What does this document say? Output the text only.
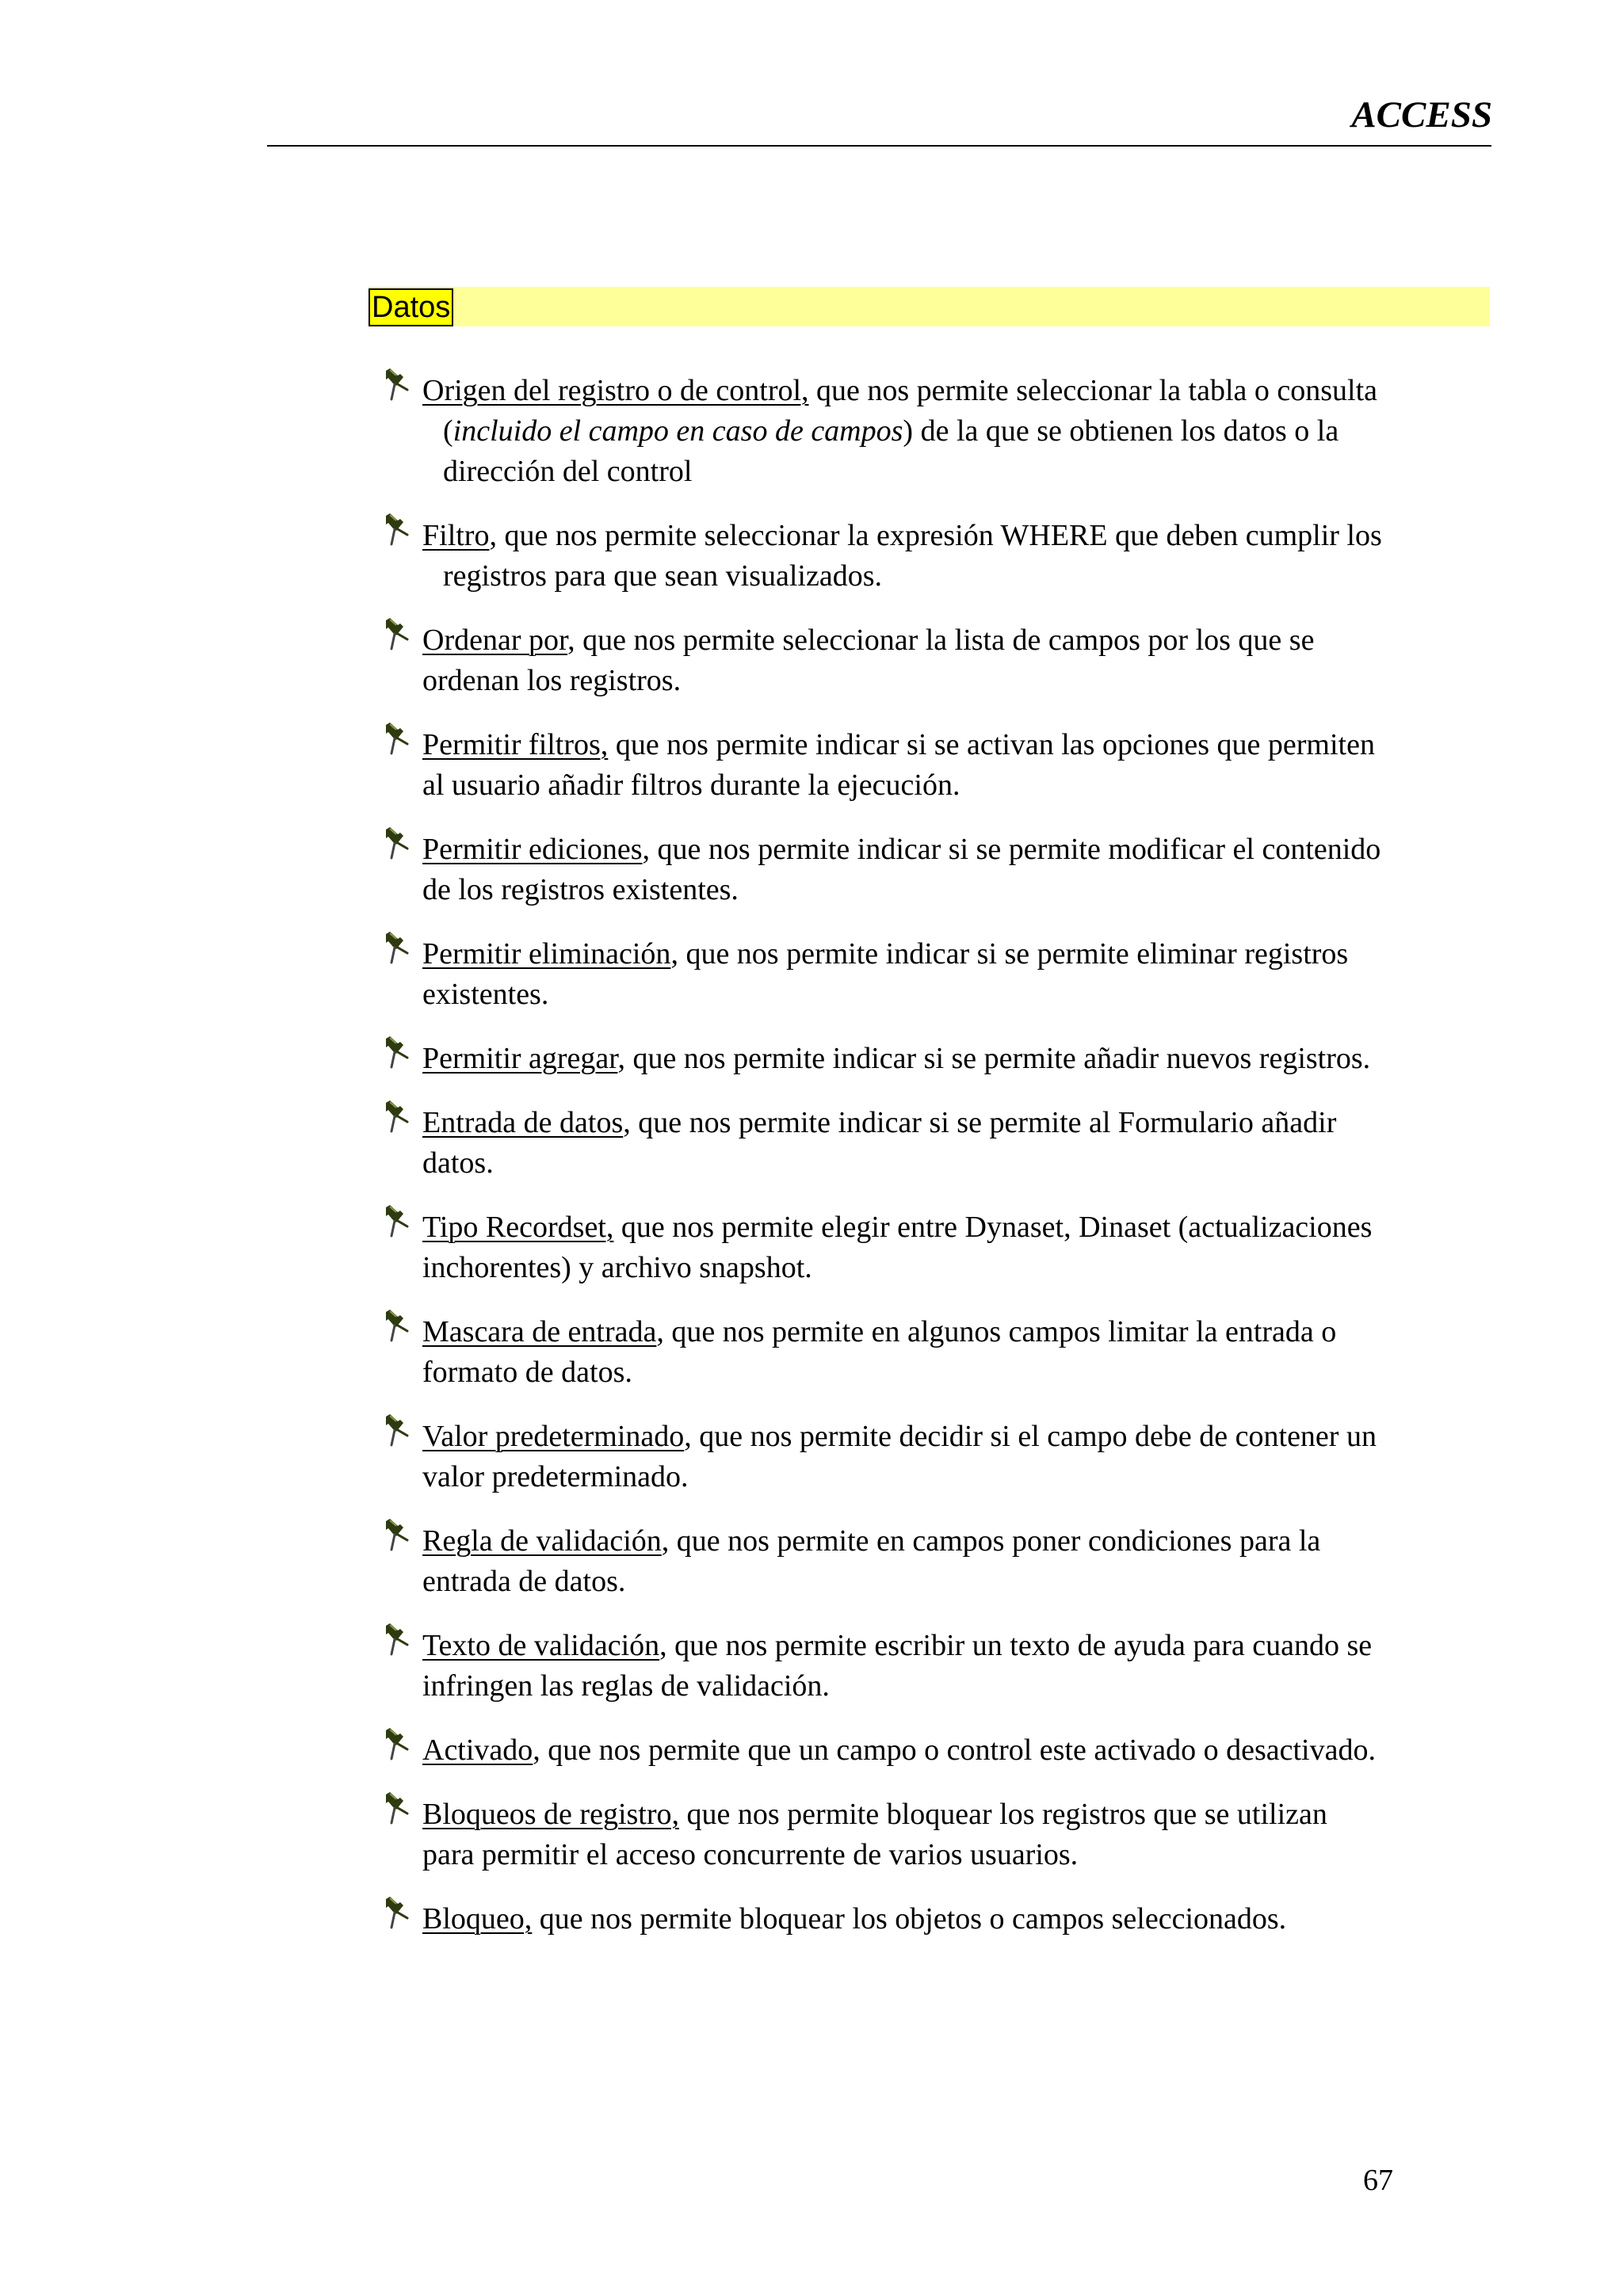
ACCESS
Datos
Origen del registro o de control, que nos permite seleccionar la tabla o consulta
(incluido el campo en caso de campos) de la que se obtienen los datos o la
dirección del control
Filtro, que nos permite seleccionar la expresión WHERE que deben cumplir los
registros para que sean visualizados.
Ordenar por, que nos permite seleccionar la lista de campos por los que se
ordenan los registros.
Permitir filtros, que nos permite indicar si se activan las opciones que permiten
al usuario añadir filtros durante la ejecución.
Permitir ediciones, que nos permite indicar si se permite modificar el contenido
de los registros existentes.
Permitir eliminación, que nos permite indicar si se permite eliminar registros
existentes.
Permitir agregar, que nos permite indicar si se permite añadir nuevos registros.
Entrada de datos, que nos permite indicar si se permite al Formulario añadir
datos.
Tipo Recordset, que nos permite elegir entre Dynaset, Dinaset (actualizaciones
inchorentes) y archivo snapshot.
Mascara de entrada, que nos permite en algunos campos limitar la entrada o
formato de datos.
Valor predeterminado, que nos permite decidir si el campo debe de contener un
valor predeterminado.
Regla de validación, que nos permite en campos poner condiciones para la
entrada de datos.
Texto de validación, que nos permite escribir un texto de ayuda para cuando se
infringen las reglas de validación.
Activado, que nos permite que un campo o control este activado o desactivado.
Bloqueos de registro, que nos permite bloquear los registros que se utilizan
para permitir el acceso concurrente de varios usuarios.
Bloqueo, que nos permite bloquear los objetos o campos seleccionados.
67
